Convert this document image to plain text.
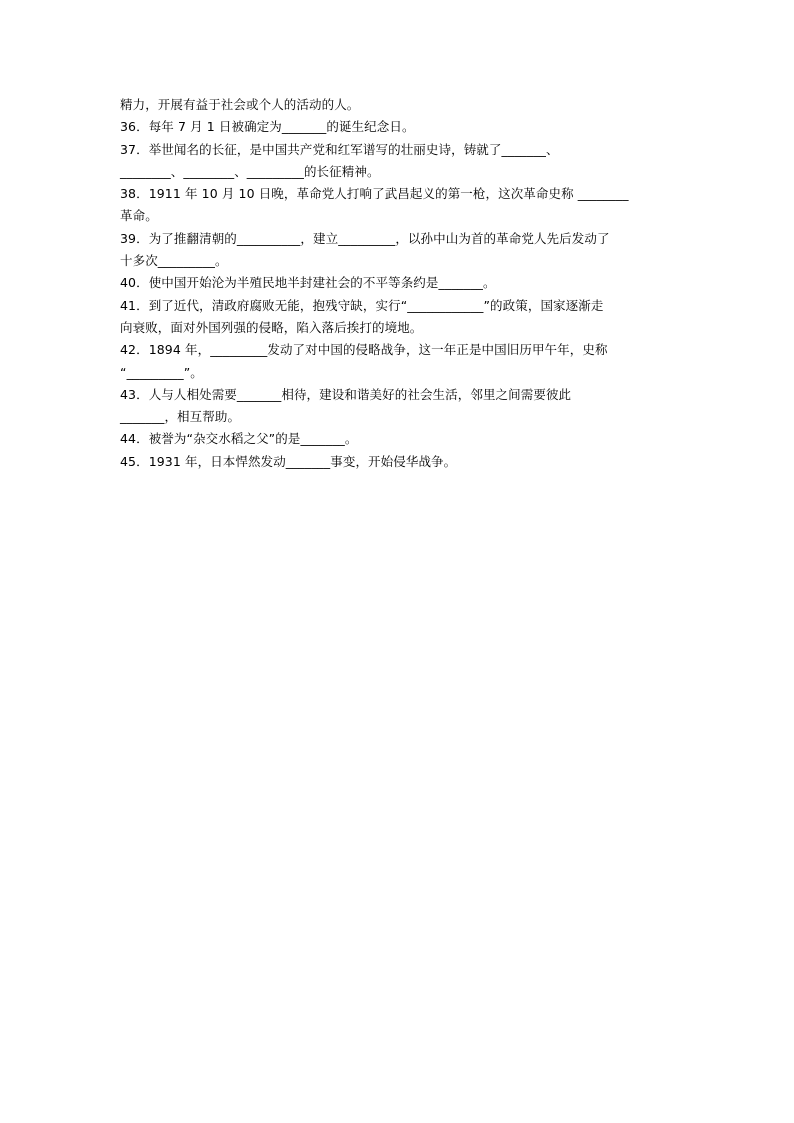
精力，开展有益于社会或个人的活动的人。
36．每年 7 月 1 日被确定为_______的诞生纪念日。
37．举世闻名的长征，是中国共产党和红军谱写的壮丽史诗，铸就了_______、
________、________、_________的长征精神。
38．1911 年 10 月 10 日晚，革命党人打响了武昌起义的第一枪，这次革命史称 ________
革命。
39．为了推翻清朝的__________，建立_________，以孙中山为首的革命党人先后发动了
十多次_________。
40．使中国开始沦为半殖民地半封建社会的不平等条约是_______。
41．到了近代，清政府腐败无能，抱残守缺，实行“____________”的政策，国家逐渐走
向衰败，面对外国列强的侵略，陷入落后挨打的境地。
42．1894 年，_________发动了对中国的侵略战争，这一年正是中国旧历甲午年，史称
“_________”。
43．人与人相处需要_______相待，建设和谐美好的社会生活，邻里之间需要彼此
_______，相互帮助。
44．被誉为“杂交水稻之父”的是_______。
45．1931 年，日本悍然发动_______事变，开始侵华战争。
